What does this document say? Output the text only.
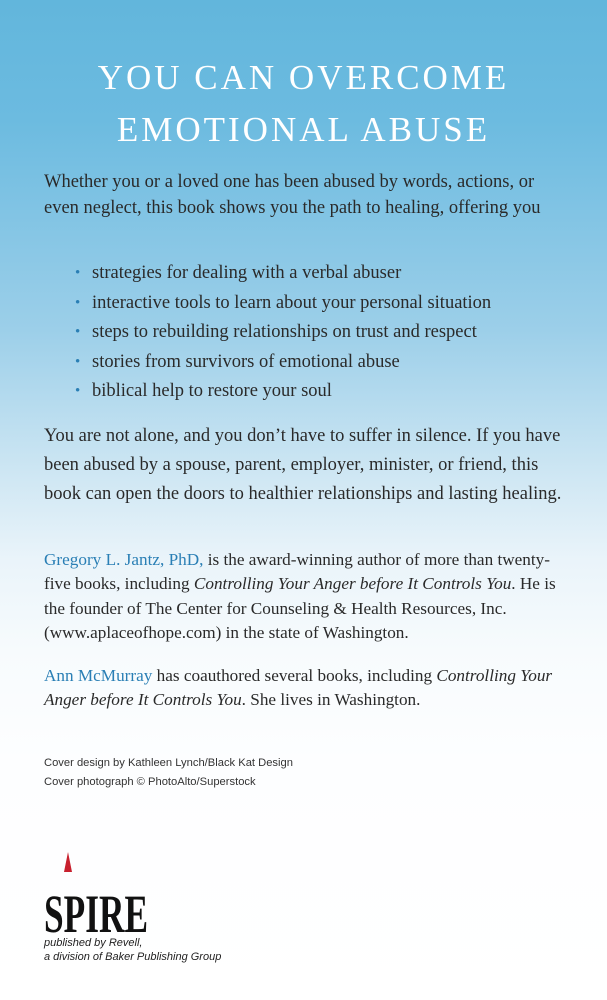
YOU CAN OVERCOME
EMOTIONAL ABUSE

Whether you or a loved one has been abused by words, actions, or even neglect, this book shows you the path to healing, offering you

• strategies for dealing with a verbal abuser
• interactive tools to learn about your personal situation
• steps to rebuilding relationships on trust and respect
• stories from survivors of emotional abuse
• biblical help to restore your soul

You are not alone, and you don’t have to suffer in silence. If you have been abused by a spouse, parent, employer, minister, or friend, this book can open the doors to healthier relationships and lasting healing.

Gregory L. Jantz, PhD, is the award-winning author of more than twenty-five books, including Controlling Your Anger before It Controls You. He is the founder of The Center for Counseling & Health Resources, Inc. (www.aplaceofhope.com) in the state of Washington.

Ann McMurray has coauthored several books, including Controlling Your Anger before It Controls You. She lives in Washington.

Cover design by Kathleen Lynch/Black Kat Design
Cover photograph © PhotoAlto/Superstock
SPIRE
published by Revell,
a division of Baker Publishing Group
